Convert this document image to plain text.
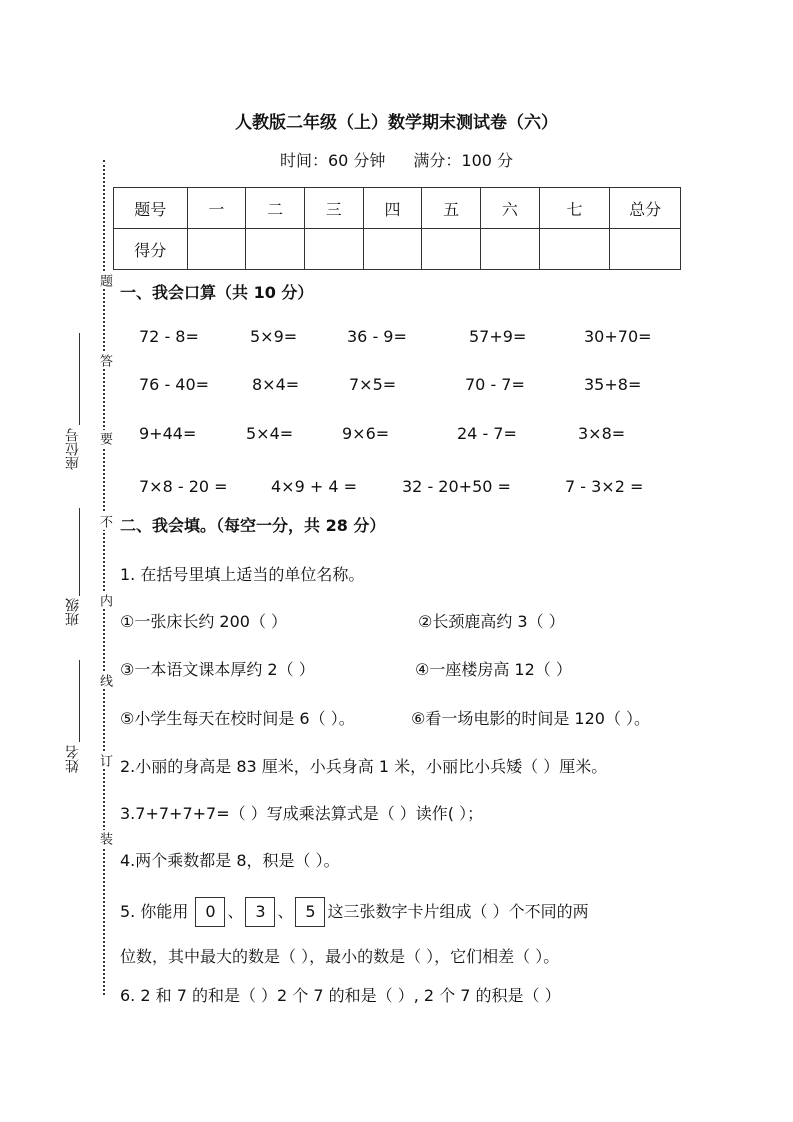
人教版二年级（上）数学期末测试卷（六）
时间：60 分钟 满分：100 分
题号	一	二	三	四	五	六	七	总分
得分								
题
答
要
不
内
线
订
装
座位号
班级
姓名
一、我会口算（共 10 分）
72 - 8=	5×9=	36 - 9=	57+9=	30+70=
76 - 40=	8×4=	7×5=	70 - 7=	35+8=
9+44=	5×4=	9×6=	24 - 7=	3×8=
7×8 - 20 =	4×9 + 4 =	32 - 20+50 =	7 - 3×2 =
二、我会填。（每空一分，共 28 分）
1. 在括号里填上适当的单位名称。
①一张床长约 200（ ）	②长颈鹿高约 3（ ）
③一本语文课本厚约 2（ ）	④一座楼房高 12（ ）
⑤小学生每天在校时间是 6（ ）。	⑥看一场电影的时间是 120（ ）。
2.小丽的身高是 83 厘米，小兵身高 1 米，小丽比小兵矮（ ）厘米。
3.7+7+7+7=（ ）写成乘法算式是（ ）读作( ）；
4.两个乘数都是 8，积是（ ）。
5. 你能用 0 、 3 、 5 这三张数字卡片组成（ ）个不同的两
位数，其中最大的数是（ ），最小的数是（ ），它们相差（ ）。
6. 2 和 7 的和是（ ）2 个 7 的和是（ ）, 2 个 7 的积是（ ）
